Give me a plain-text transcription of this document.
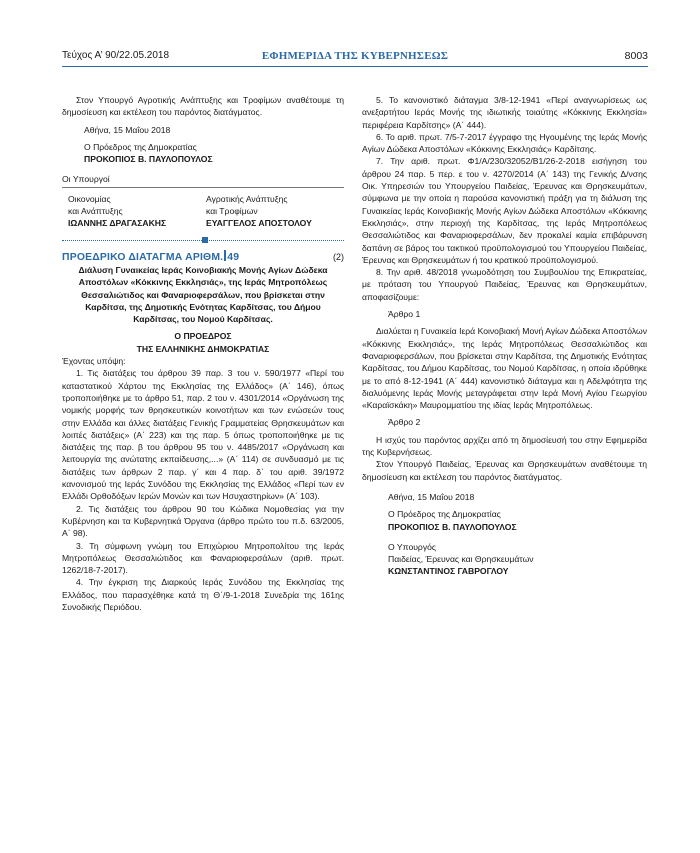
Τεύχος Α’ 90/22.05.2018	ΕΦΗΜΕΡΙΔΑ ΤΗΣ ΚΥΒΕΡΝΗΣΕΩΣ	8003

Στον Υπουργό Αγροτικής Ανάπτυξης και Τροφίμων αναθέτουμε τη δημοσίευση και εκτέλεση του παρόντος διατάγματος.

Αθήνα, 15 Μαΐου 2018

Ο Πρόεδρος της Δημοκρατίας

ΠΡΟΚΟΠΙΟΣ Β. ΠΑΥΛΟΠΟΥΛΟΣ

Οι Υπουργοί

Οικονομίας

και Ανάπτυξης

ΙΩΑΝΝΗΣ ΔΡΑΓΑΣΑΚΗΣ

Αγροτικής Ανάπτυξης

και Τροφίμων

ΕΥΑΓΓΕΛΟΣ ΑΠΟΣΤΟΛΟΥ

ΠΡΟΕΔΡΙΚΟ ΔΙΑΤΑΓΜΑ ΑΡΙΘΜ. 49	(2)

Διάλυση Γυναικείας Ιεράς Κοινοβιακής Μονής Αγίων Δώδεκα Αποστόλων «Κόκκινης Εκκλησιάς», της Ιεράς Μητροπόλεως Θεσσαλιώτιδος και Φαναριοφερσάλων, που βρίσκεται στην Καρδίτσα, της Δημοτικής Ενότητας Καρδίτσας, του Δήμου Καρδίτσας, του Νομού Καρδίτσας.

Ο ΠΡΟΕΔΡΟΣ

ΤΗΣ ΕΛΛΗΝΙΚΗΣ ΔΗΜΟΚΡΑΤΙΑΣ

Έχοντας υπόψη:

1. Τις διατάξεις του άρθρου 39 παρ. 3 του ν. 590/1977 «Περί του καταστατικού Χάρτου της Εκκλησίας της Ελλάδος» (Α΄ 146), όπως τροποποιήθηκε με το άρθρο 51, παρ. 2 του ν. 4301/2014 «Οργάνωση της νομικής μορφής των θρησκευτικών κοινοτήτων και των ενώσεών τους στην Ελλάδα και άλλες διατάξεις Γενικής Γραμματείας Θρησκευμάτων και λοιπές διατάξεις» (Α΄ 223) και της παρ. 5 όπως τροποποιήθηκε με τις διατάξεις της παρ. β του άρθρου 95 του ν. 4485/2017 «Οργάνωση και λειτουργία της ανώτατης εκπαίδευσης,...» (Α΄ 114) σε συνδυασμό με τις διατάξεις των άρθρων 2 παρ. γ΄ και 4 παρ. δ΄ του αριθ. 39/1972 κανονισμού της Ιεράς Συνόδου της Εκκλησίας της Ελλάδος «Περί των εν Ελλάδι Ορθοδόξων Ιερών Μονών και των Ησυχαστηρίων» (Α΄ 103).

2. Τις διατάξεις του άρθρου 90 του Κώδικα Νομοθεσίας για την Κυβέρνηση και τα Κυβερνητικά Όργανα (άρθρο πρώτο του π.δ. 63/2005, Α΄ 98).

3. Τη σύμφωνη γνώμη του Επιχώριου Μητροπολίτου της Ιεράς Μητροπόλεως Θεσσαλιώτιδος και Φαναριοφερσάλων (αριθ. πρωτ. 1262/18-7-2017).

4. Την έγκριση της Διαρκούς Ιεράς Συνόδου της Εκκλησίας της Ελλάδος, που παρασχέθηκε κατά τη Θ΄/9-1-2018 Συνεδρία της 161ης Συνοδικής Περιόδου.

5. Το κανονιστικό διάταγμα 3/8-12-1941 «Περί αναγνωρίσεως ως ανεξαρτήτου Ιεράς Μονής της ιδιωτικής τοιαύτης «Κόκκινης Εκκλησία» περιφέρεια Καρδίτσης» (Α΄ 444).

6. Το αριθ. πρωτ. 7/5-7-2017 έγγραφο της Ηγουμένης της Ιεράς Μονής Αγίων Δώδεκα Αποστόλων «Κόκκινης Εκκλησιάς» Καρδίτσης.

7. Την αριθ. πρωτ. Φ1/Α/230/32052/Β1/26-2-2018 εισήγηση του άρθρου 24 παρ. 5 περ. ε του ν. 4270/2014 (Α΄ 143) της Γενικής Δ/νσης Οικ. Υπηρεσιών του Υπουργείου Παιδείας, Έρευνας και Θρησκευμάτων, σύμφωνα με την οποία η παρούσα κανονιστική πράξη για τη διάλυση της Γυναικείας Ιεράς Κοινοβιακής Μονής Αγίων Δώδεκα Αποστόλων «Κόκκινης Εκκλησιάς», στην περιοχή της Καρδίτσας, της Ιεράς Μητροπόλεως Θεσσαλιώτιδος και Φαναριοφερσάλων, δεν προκαλεί καμία επιβάρυνση δαπάνη σε βάρος του τακτικού προϋπολογισμού του Υπουργείου Παιδείας, Έρευνας και Θρησκευμάτων ή του κρατικού προϋπολογισμού.

8. Την αριθ. 48/2018 γνωμοδότηση του Συμβουλίου της Επικρατείας, με πρόταση του Υπουργού Παιδείας, Έρευνας και Θρησκευμάτων, αποφασίζουμε:

Άρθρο 1

Διαλύεται η Γυναικεία Ιερά Κοινοβιακή Μονή Αγίων Δώδεκα Αποστόλων «Κόκκινης Εκκλησιάς», της Ιεράς Μητροπόλεως Θεσσαλιώτιδος και Φαναριοφερσάλων, που βρίσκεται στην Καρδίτσα, της Δημοτικής Ενότητας Καρδίτσας, του Δήμου Καρδίτσας, του Νομού Καρδίτσας, η οποία ιδρύθηκε με το από 8-12-1941 (Α΄ 444) κανονιστικό διάταγμα και η Αδελφότητα της διαλυόμενης Ιεράς Μονής μεταγράφεται στην Ιερά Μονή Αγίου Γεωργίου «Καραϊσκάκη» Μαυρομματίου της ιδίας Ιεράς Μητροπόλεως.

Άρθρο 2

Η ισχύς του παρόντος αρχίζει από τη δημοσίευσή του στην Εφημερίδα της Κυβερνήσεως.

Στον Υπουργό Παιδείας, Έρευνας και Θρησκευμάτων αναθέτουμε τη δημοσίευση και εκτέλεση του παρόντος διατάγματος.

Αθήνα, 15 Μαΐου 2018

Ο Πρόεδρος της Δημοκρατίας

ΠΡΟΚΟΠΙΟΣ Β. ΠΑΥΛΟΠΟΥΛΟΣ

Ο Υπουργός

Παιδείας, Έρευνας και Θρησκευμάτων

ΚΩΝΣΤΑΝΤΙΝΟΣ ΓΑΒΡΟΓΛΟΥ
